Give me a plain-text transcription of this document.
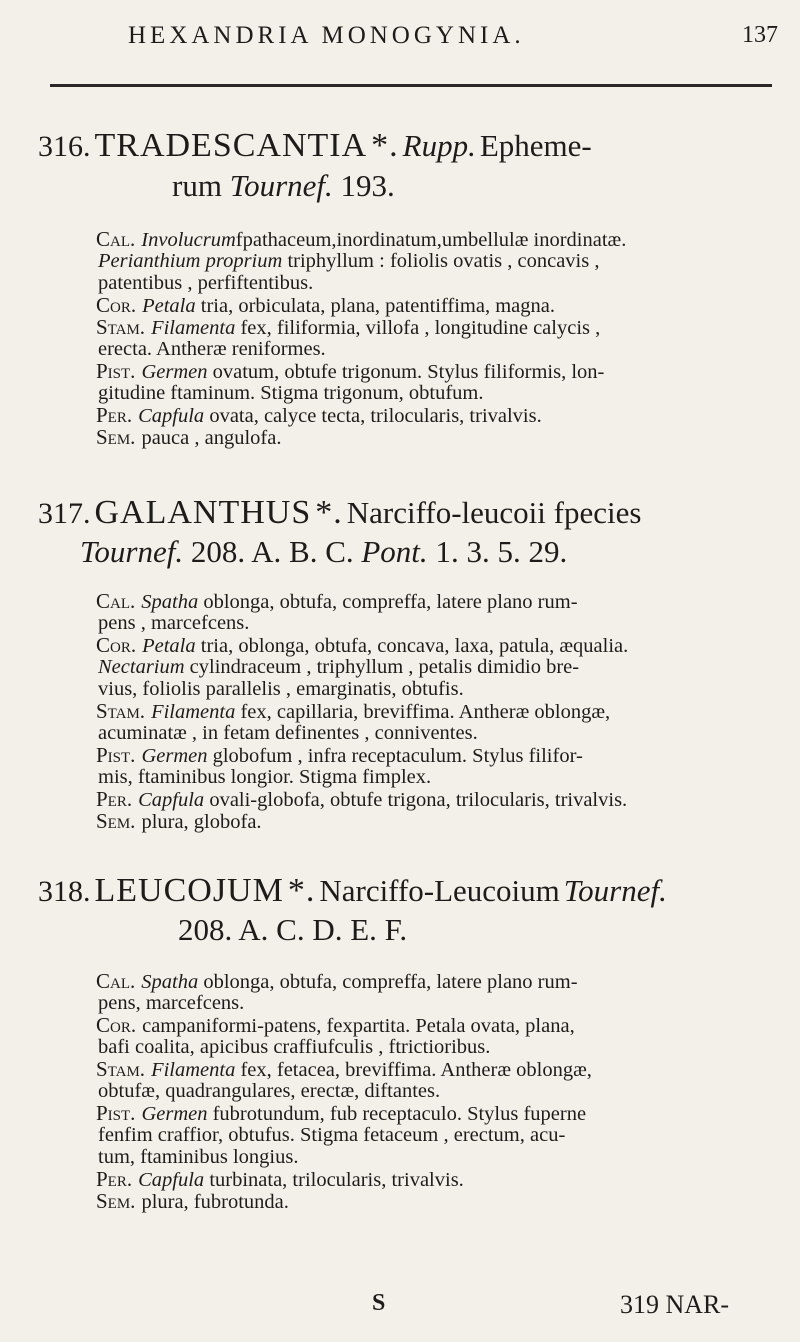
HEXANDRIA MONOGYNIA.	137
316. TRADESCANTIA *. Rupp. Epheme-
rum Tournef. 193.
Cal. Involucrumfpathaceum,inordinatum,umbellulæ inordinatæ.
Perianthium proprium triphyllum : foliolis ovatis , concavis ,
patentibus , perfiftentibus.
Cor. Petala tria, orbiculata, plana, patentiffima, magna.
Stam. Filamenta fex, filiformia, villofa , longitudine calycis ,
erecta. Antheræ reniformes.
Pist. Germen ovatum, obtufe trigonum. Stylus filiformis, lon-
gitudine ftaminum. Stigma trigonum, obtufum.
Per. Capfula ovata, calyce tecta, trilocularis, trivalvis.
Sem. pauca , angulofa.
317. GALANTHUS *. Narciffo-leucoii fpecies
Tournef. 208. A. B. C. Pont. 1. 3. 5. 29.
Cal. Spatha oblonga, obtufa, compreffa, latere plano rum-
pens , marcefcens.
Cor. Petala tria, oblonga, obtufa, concava, laxa, patula, æqualia.
Nectarium cylindraceum , triphyllum , petalis dimidio bre-
vius, foliolis parallelis , emarginatis, obtufis.
Stam. Filamenta fex, capillaria, breviffima. Antheræ oblongæ,
acuminatæ , in fetam definentes , conniventes.
Pist. Germen globofum , infra receptaculum. Stylus filifor-
mis, ftaminibus longior. Stigma fimplex.
Per. Capfula ovali-globofa, obtufe trigona, trilocularis, trivalvis.
Sem. plura, globofa.
318. LEUCOJUM *. Narciffo-Leucoium Tournef.
208. A. C. D. E. F.
Cal. Spatha oblonga, obtufa, compreffa, latere plano rum-
pens, marcefcens.
Cor. campaniformi-patens, fexpartita. Petala ovata, plana,
bafi coalita, apicibus craffiufculis , ftrictioribus.
Stam. Filamenta fex, fetacea, breviffima. Antheræ oblongæ,
obtufæ, quadrangulares, erectæ, diftantes.
Pist. Germen fubrotundum, fub receptaculo. Stylus fuperne
fenfim craffior, obtufus. Stigma fetaceum , erectum, acu-
tum, ftaminibus longius.
Per. Capfula turbinata, trilocularis, trivalvis.
Sem. plura, fubrotunda.
S	319 NAR-
